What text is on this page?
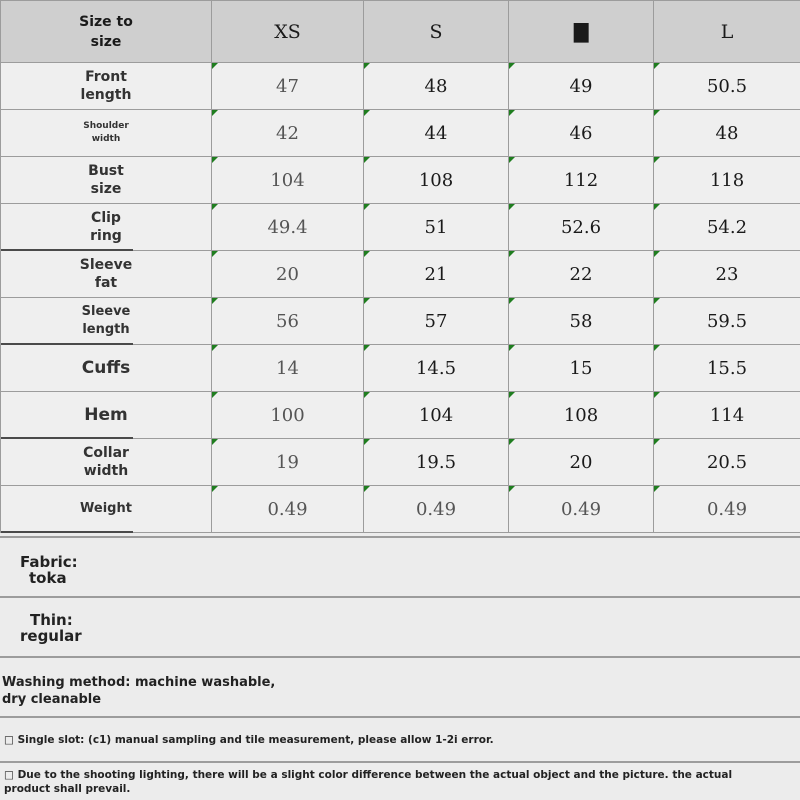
Size to
size	XS	S	▇	L

Front
length	47	48	49	50.5

Shoulder
width	42	44	46	48

Bust
size	104	108	112	118

Clip
ring	49.4	51	52.6	54.2

Sleeve
fat	20	21	22	23

Sleeve
length	56	57	58	59.5

Cuffs	14	14.5	15	15.5

Hem	100	104	108	114

Collar
width	19	19.5	20	20.5

Weight	0.49	0.49	0.49	0.49
Fabric:
toka
Thin:
regular
Washing method: machine washable,
dry cleanable
□ Single slot: (c1) manual sampling and tile measurement, please allow 1-2i error.
□ Due to the shooting lighting, there will be a slight color difference between the actual object and the picture. the actual
product shall prevail.
